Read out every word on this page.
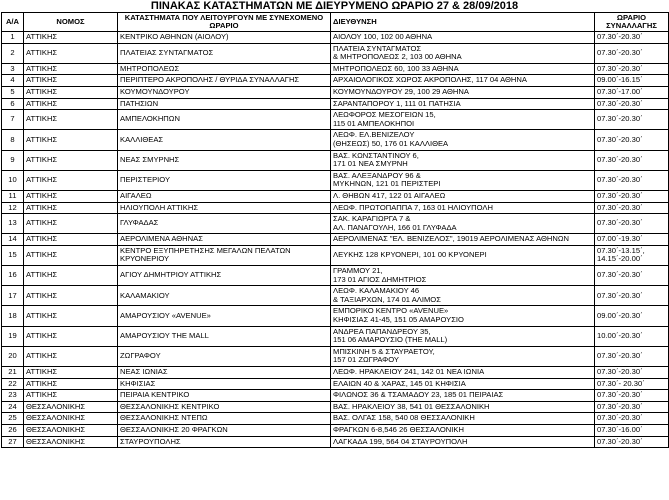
ΠΙΝΑΚΑΣ ΚΑΤΑΣΤΗΜΑΤΩΝ ΜΕ ΔΙΕΥΡΥΜΕΝΟ ΩΡΑΡΙΟ 27 & 28/09/2018
Α/Α	ΝΟΜΟΣ	ΚΑΤΑΣΤΗΜΑΤΑ ΠΟΥ ΛΕΙΤΟΥΡΓΟΥΝ ΜΕ ΣΥΝΕΧΟΜΕΝΟ ΩΡΑΡΙΟ	ΔΙΕΥΘΥΝΣΗ	ΩΡΑΡΙΟ ΣΥΝΑΛΛΑΓΗΣ
1	ΑΤΤΙΚΗΣ	ΚΕΝΤΡΙΚΟ ΑΘΗΝΩΝ (ΑΙΟΛΟΥ)	ΑΙΟΛΟΥ 100, 102 00 ΑΘΗΝΑ	07.30΄-20.30΄
2	ΑΤΤΙΚΗΣ	ΠΛΑΤΕΙΑΣ ΣΥΝΤΑΓΜΑΤΟΣ	ΠΛΑΤΕΙΑ ΣΥΝΤΑΓΜΑΤΟΣ
& ΜΗΤΡΟΠΟΛΕΩΣ 2, 103 00 ΑΘΗΝΑ	07.30΄-20.30΄
3	ΑΤΤΙΚΗΣ	ΜΗΤΡΟΠΟΛΕΩΣ	ΜΗΤΡΟΠΟΛΕΩΣ 60, 100 33 ΑΘΗΝΑ	07.30΄-20.30΄
4	ΑΤΤΙΚΗΣ	ΠΕΡΙΠΤΕΡΟ ΑΚΡΟΠΟΛΗΣ / ΘΥΡΙΔΑ ΣΥΝΑΛΛΑΓΗΣ	ΑΡΧΑΙΟΛΟΓΙΚΟΣ ΧΩΡΟΣ ΑΚΡΟΠΟΛΗΣ, 117 04 ΑΘΗΝΑ	09.00΄-16.15΄
5	ΑΤΤΙΚΗΣ	ΚΟΥΜΟΥΝΔΟΥΡΟΥ	ΚΟΥΜΟΥΝΔΟΥΡΟΥ 29, 100 29 ΑΘΗΝΑ	07.30΄-17.00΄
6	ΑΤΤΙΚΗΣ	ΠΑΤΗΣΙΩΝ	ΣΑΡΑΝΤΑΠΟΡΟΥ 1, 111 01 ΠΑΤΗΣΙΑ	07.30΄-20.30΄
7	ΑΤΤΙΚΗΣ	ΑΜΠΕΛΟΚΗΠΩΝ	ΛΕΩΦΟΡΟΣ ΜΕΣΟΓΕΙΩΝ 15,
115 01 ΑΜΠΕΛΟΚΗΠΟΙ	07.30΄-20.30΄
8	ΑΤΤΙΚΗΣ	ΚΑΛΛΙΘΕΑΣ	ΛΕΩΦ. ΕΛ.ΒΕΝΙΖΕΛΟΥ
(ΘΗΣΕΩΣ) 50, 176 01 ΚΑΛΛΙΘΕΑ	07.30΄-20.30΄
9	ΑΤΤΙΚΗΣ	ΝΕΑΣ ΣΜΥΡΝΗΣ	ΒΑΣ. ΚΩΝΣΤΑΝΤΙΝΟΥ 6,
171 01 ΝΕΑ ΣΜΥΡΝΗ	07.30΄-20.30΄
10	ΑΤΤΙΚΗΣ	ΠΕΡΙΣΤΕΡΙΟΥ	ΒΑΣ. ΑΛΕΞΑΝΔΡΟΥ 96 &
ΜΥΚΗΝΩΝ, 121 01 ΠΕΡΙΣΤΕΡΙ	07.30΄-20.30΄
11	ΑΤΤΙΚΗΣ	ΑΙΓΑΛΕΩ	Λ. ΘΗΒΩΝ 417, 122 01 ΑΙΓΑΛΕΩ	07.30΄-20.30΄
12	ΑΤΤΙΚΗΣ	ΗΛΙΟΥΠΟΛΗ ΑΤΤΙΚΗΣ	ΛΕΩΦ. ΠΡΩΤΟΠΑΠΠΑ 7, 163 01 ΗΛΙΟΥΠΟΛΗ	07.30΄-20.30΄
13	ΑΤΤΙΚΗΣ	ΓΛΥΦΑΔΑΣ	ΣΑΚ. ΚΑΡΑΓΙΩΡΓΑ 7 &
ΑΛ. ΠΑΝΑΓΟΥΛΗ, 166 01 ΓΛΥΦΑΔΑ	07.30΄-20.30΄
14	ΑΤΤΙΚΗΣ	ΑΕΡΟΛΙΜΕΝΑ ΑΘΗΝΑΣ	ΑΕΡΟΛΙΜΕΝΑΣ "ΕΛ. ΒΕΝΙΖΕΛΟΣ", 19019 ΑΕΡΟΛΙΜΕΝΑΣ ΑΘΗΝΩΝ	07.00΄-19.30΄
15	ΑΤΤΙΚΗΣ	ΚΕΝΤΡΟ ΕΞΥΠΗΡΕΤΗΣΗΣ ΜΕΓΑΛΩΝ ΠΕΛΑΤΩΝ
ΚΡΥΟΝΕΡΙΟΥ	ΛΕΥΚΗΣ 128 ΚΡΥΟΝΕΡΙ, 101 00 ΚΡΥΟΝΕΡΙ	07.30΄-13.15΄,
14.15΄-20.00΄
16	ΑΤΤΙΚΗΣ	ΑΓΙΟΥ ΔΗΜΗΤΡΙΟΥ ΑΤΤΙΚΗΣ	ΓΡΑΜΜΟΥ 21,
173 01 ΑΓΙΟΣ ΔΗΜΗΤΡΙΟΣ	07.30΄-20.30΄
17	ΑΤΤΙΚΗΣ	ΚΑΛΑΜΑΚΙΟΥ	ΛΕΩΦ. ΚΑΛΑΜΑΚΙΟΥ 46
& ΤΑΞΙΑΡΧΩΝ, 174 01 ΑΛΙΜΟΣ	07.30΄-20.30΄
18	ΑΤΤΙΚΗΣ	ΑΜΑΡΟΥΣΙΟΥ «AVENUE»	ΕΜΠΟΡΙΚΟ ΚΕΝΤΡΟ «AVENUE»
ΚΗΦΙΣΙΑΣ 41-45, 151 05 ΑΜΑΡΟΥΣΙΟ	09.00΄-20.30΄
19	ΑΤΤΙΚΗΣ	ΑΜΑΡΟΥΣΙΟΥ THE MALL	ΑΝΔΡΕΑ ΠΑΠΑΝΔΡΕΟΥ 35,
151 06 ΑΜΑΡΟΥΣΙΟ (THE MALL)	10.00΄-20.30΄
20	ΑΤΤΙΚΗΣ	ΖΩΓΡΑΦΟΥ	ΜΠΙΣΚΙΝΗ 5 & ΣΤΑΥΡΑΕΤΟΥ,
157 01 ΖΩΓΡΑΦΟΥ	07.30΄-20.30΄
21	ΑΤΤΙΚΗΣ	ΝΕΑΣ ΙΩΝΙΑΣ	ΛΕΩΦ. ΗΡΑΚΛΕΙΟΥ 241, 142 01 ΝΕΑ ΙΩΝΙΑ	07.30΄-20.30΄
22	ΑΤΤΙΚΗΣ	ΚΗΦΙΣΙΑΣ	ΕΛΑΙΩΝ 40 & ΧΑΡΑΣ, 145 01 ΚΗΦΙΣΙΑ	07.30΄- 20.30΄
23	ΑΤΤΙΚΗΣ	ΠΕΙΡΑΙΑ ΚΕΝΤΡΙΚΟ	ΦΙΛΩΝΟΣ 36 & ΤΣΑΜΑΔΟΥ 23, 185 01 ΠΕΙΡΑΙΑΣ	07.30΄-20.30΄
24	ΘΕΣΣΑΛΟΝΙΚΗΣ	ΘΕΣΣΑΛΟΝΙΚΗΣ ΚΕΝΤΡΙΚΟ	ΒΑΣ. ΗΡΑΚΛΕΙΟΥ 38, 541 01 ΘΕΣΣΑΛΟΝΙΚΗ	07.30΄-20.30΄
25	ΘΕΣΣΑΛΟΝΙΚΗΣ	ΘΕΣΣΑΛΟΝΙΚΗΣ ΝΤΕΠΩ	ΒΑΣ. ΟΛΓΑΣ 158, 540 08 ΘΕΣΣΑΛΟΝΙΚΗ	07.30΄-20.30΄
26	ΘΕΣΣΑΛΟΝΙΚΗΣ	ΘΕΣΣΑΛΟΝΙΚΗΣ 20 ΦΡΑΓΚΩΝ	ΦΡΑΓΚΩΝ 6-8,546 26 ΘΕΣΣΑΛΟΝΙΚΗ	07.30΄-16.00΄
27	ΘΕΣΣΑΛΟΝΙΚΗΣ	ΣΤΑΥΡΟΥΠΟΛΗΣ	ΛΑΓΚΑΔΑ 199, 564 04 ΣΤΑΥΡΟΥΠΟΛΗ	07.30΄-20.30΄
